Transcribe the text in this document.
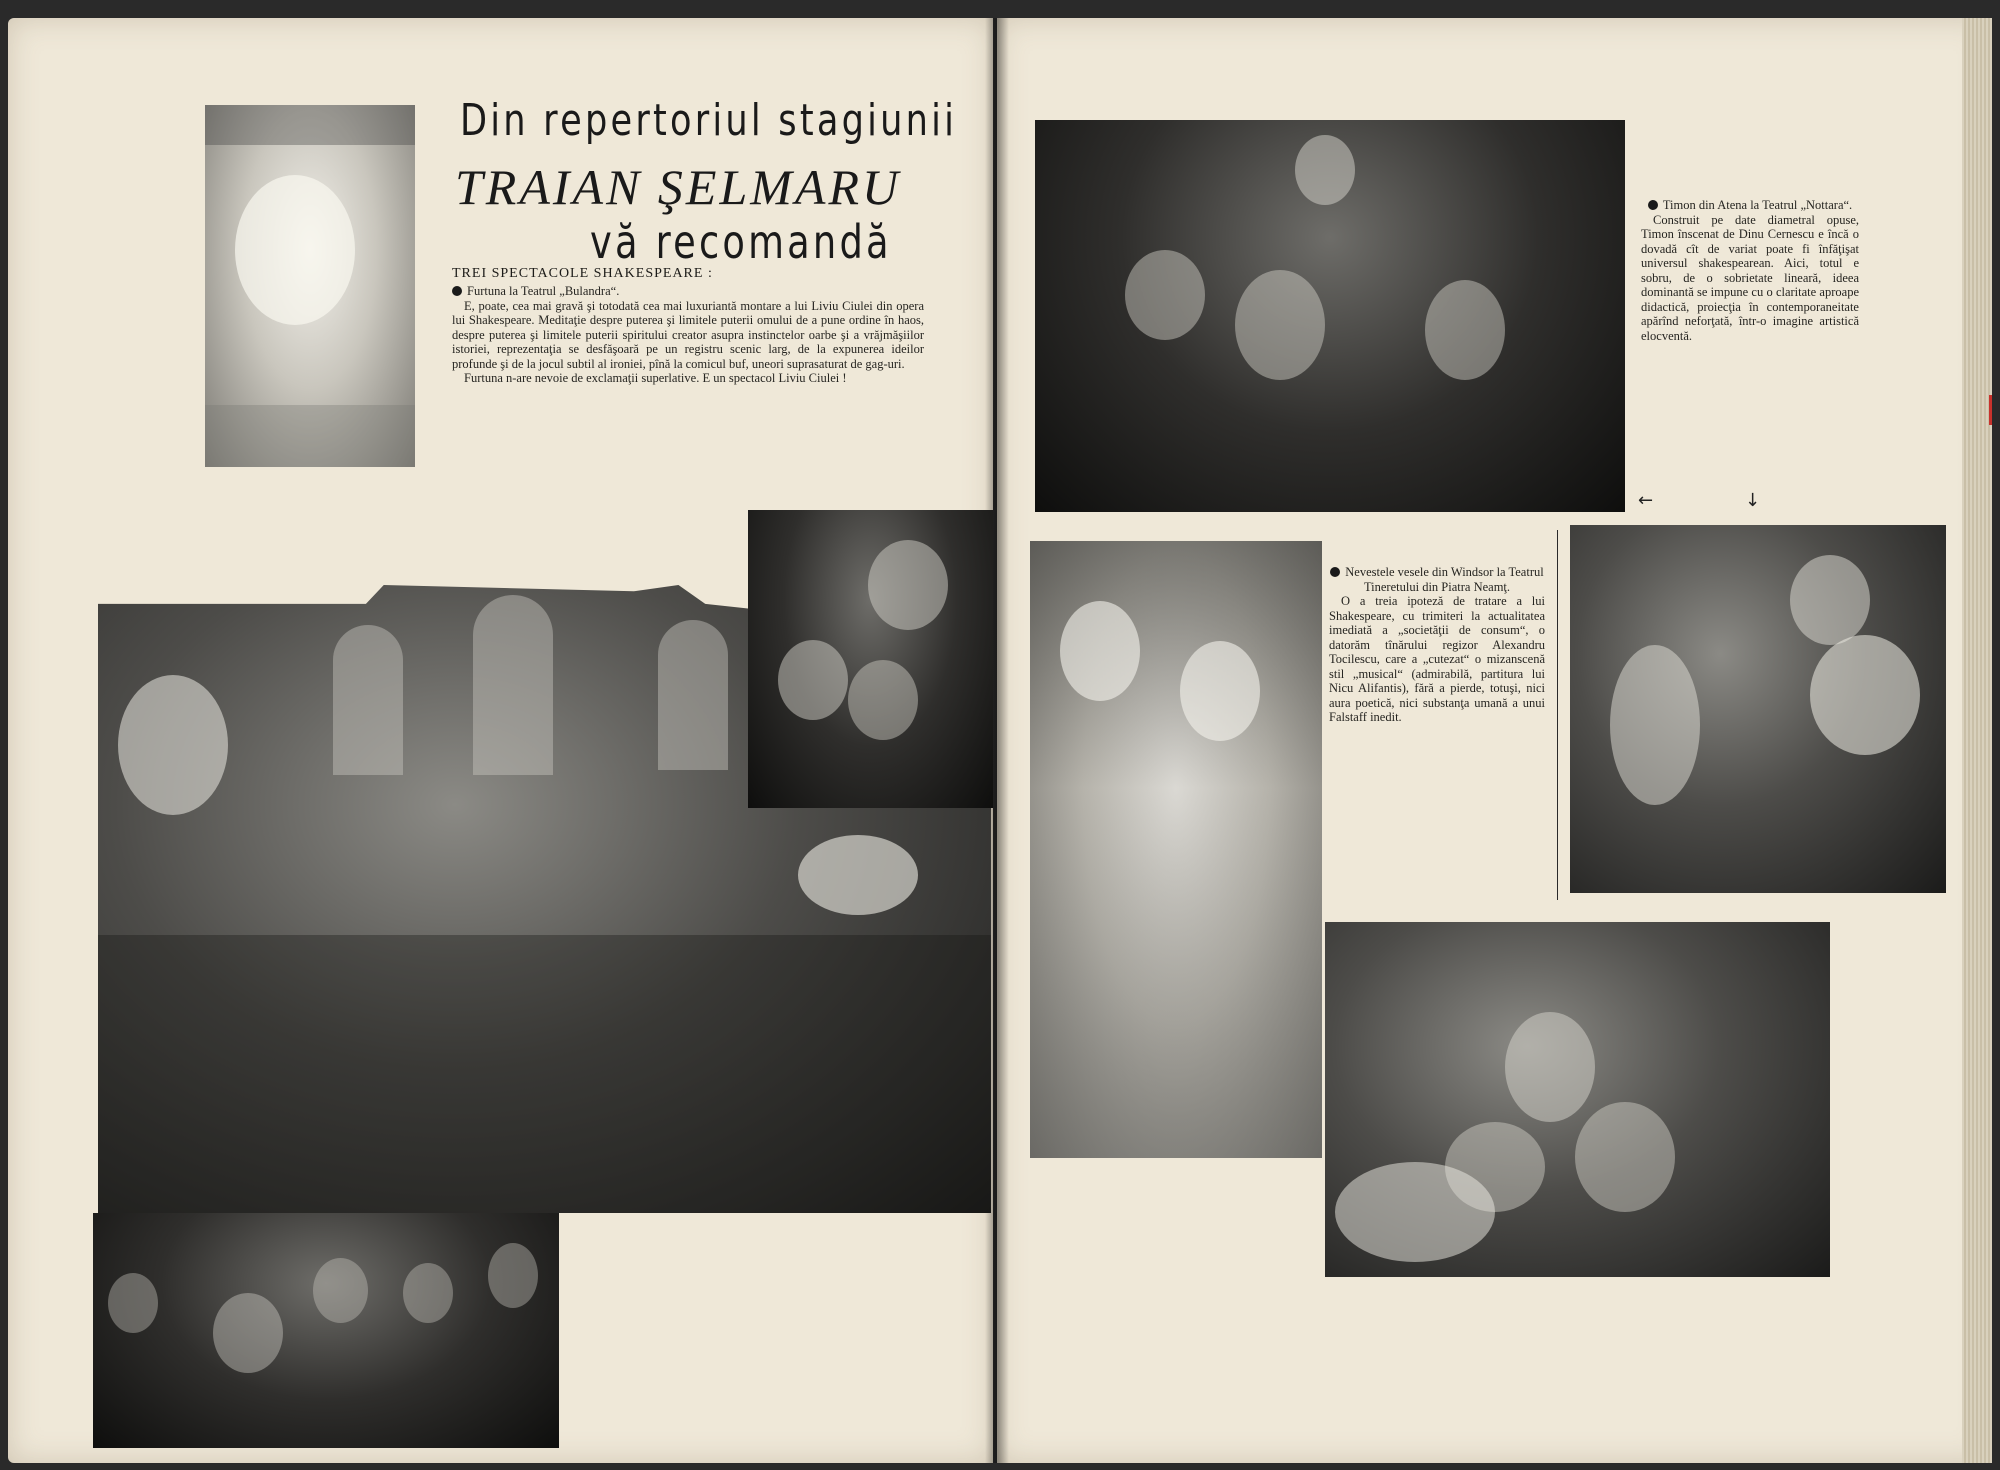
Din repertoriul stagiunii
TRAIAN ŞELMARU
vă recomandă
TREI SPECTACOLE SHAKESPEARE :

Furtuna la Teatrul „Bulandra“.

E, poate, cea mai gravă şi totodată cea mai luxuriantă montare a lui Liviu Ciulei din opera lui Shakespeare. Meditaţie despre puterea şi limitele puterii omului de a pune ordine în haos, despre puterea şi limitele puterii spiritului creator asupra instinctelor oarbe şi a vrăjmăşiilor istoriei, reprezentaţia se desfăşoară pe un registru scenic larg, de la expunerea ideilor profunde şi de la jocul subtil al ironiei, pînă la comicul buf, uneori suprasaturat de gag-uri.

Furtuna n-are nevoie de exclamaţii superlative. E un spectacol Liviu Ciulei !

Timon din Atena la Teatrul „Nottara“.

Construit pe date diametral opuse, Timon înscenat de Dinu Cernescu e încă o dovadă cît de variat poate fi înfăţişat universul shakespearean. Aici, totul e sobru, de o sobrietate lineară, ideea dominantă se impune cu o claritate aproape didactică, proiecţia în contemporaneitate apărînd neforţată, într-o imagine artistică elocventă.

←	↓

Nevestele vesele din Windsor la Teatrul Tineretului din Piatra Neamţ.

O a treia ipoteză de tratare a lui Shakespeare, cu trimiteri la actualitatea imediată a „societăţii de consum“, o datorăm tînărului regizor Alexandru Tocilescu, care a „cutezat“ o mizanscenă stil „musical“ (admirabilă, partitura lui Nicu Alifantis), fără a pierde, totuşi, nici aura poetică, nici substanţa umană a unui Falstaff inedit.
